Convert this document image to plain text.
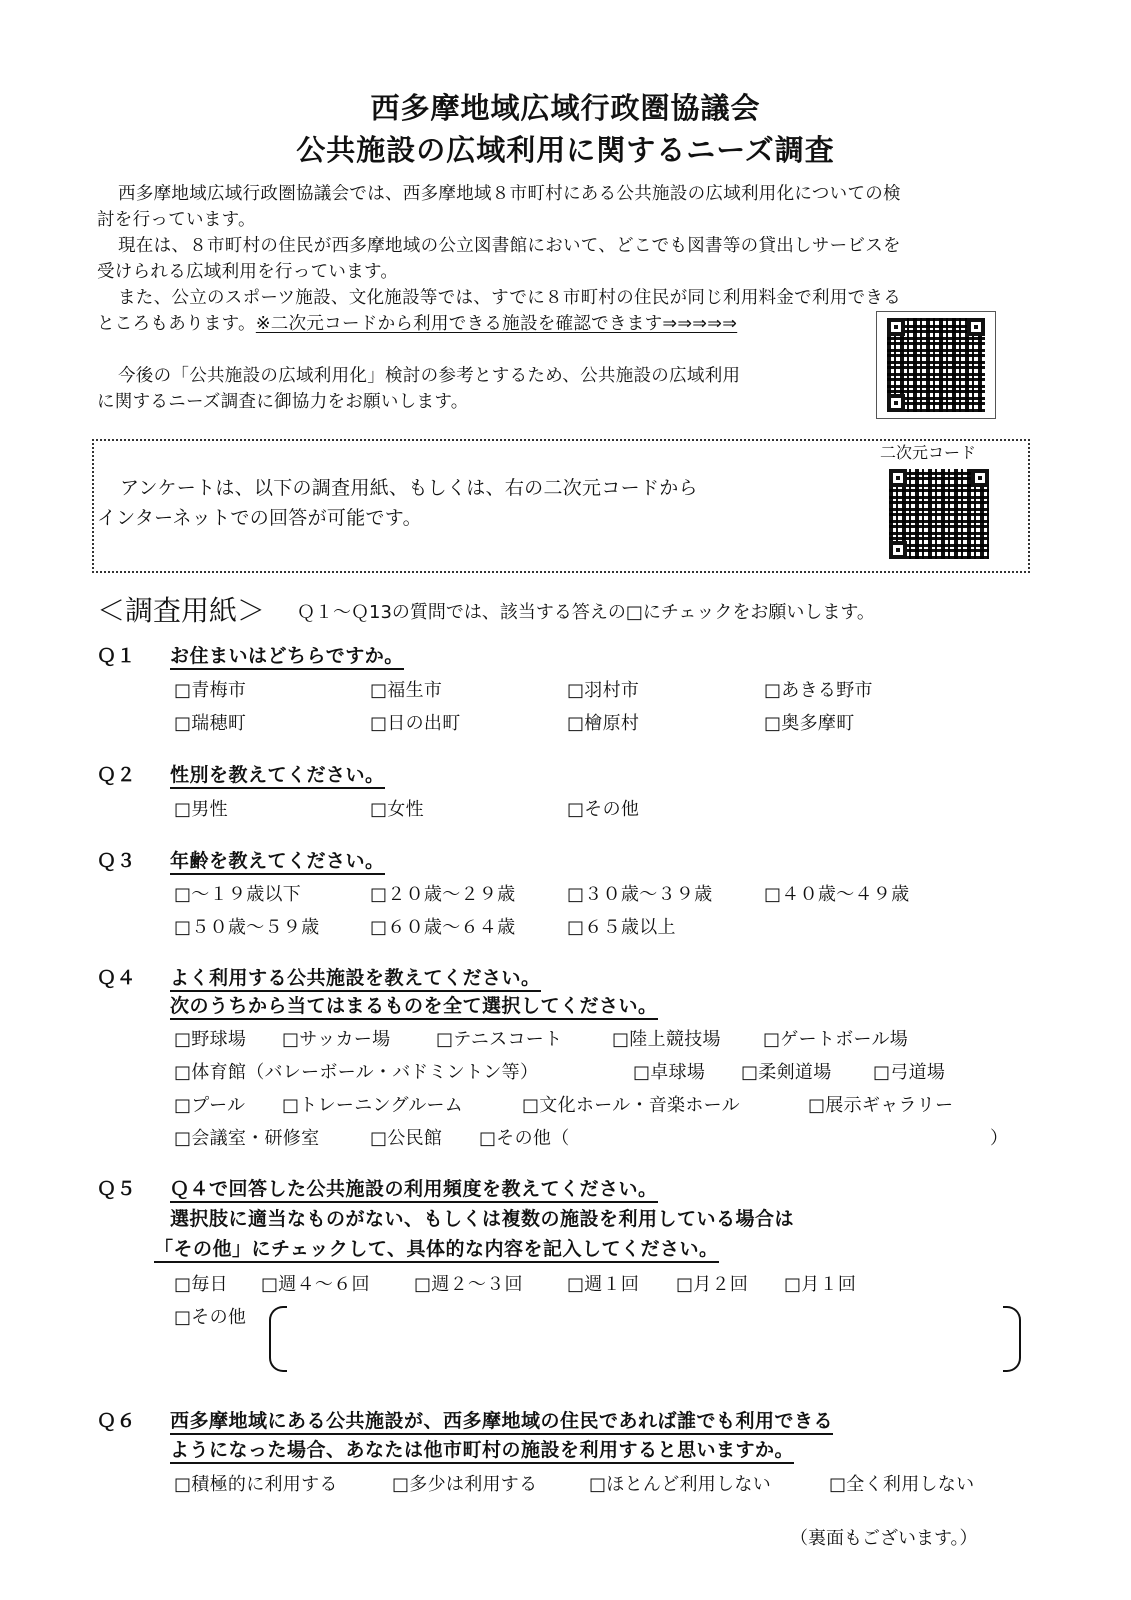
西多摩地域広域行政圏協議会
公共施設の広域利用に関するニーズ調査
西多摩地域広域行政圏協議会では、西多摩地域８市町村にある公共施設の広域利用化についての検
討を行っています。
現在は、８市町村の住民が西多摩地域の公立図書館において、どこでも図書等の貸出しサービスを
受けられる広域利用を行っています。
また、公立のスポーツ施設、文化施設等では、すでに８市町村の住民が同じ利用料金で利用できる
ところもあります。※二次元コードから利用できる施設を確認できます⇒⇒⇒⇒⇒
今後の「公共施設の広域利用化」検討の参考とするため、公共施設の広域利用
に関するニーズ調査に御協力をお願いします。
二次元コード
アンケートは、以下の調査用紙、もしくは、右の二次元コードから
インターネットでの回答が可能です。
＜調査用紙＞ Ｑ１～Ｑ13の質問では、該当する答えの□にチェックをお願いします。
Ｑ１ お住まいはどちらですか。
□青梅市	□福生市	□羽村市	□あきる野市
□瑞穂町	□日の出町	□檜原村	□奥多摩町
Ｑ２ 性別を教えてください。
□男性	□女性	□その他
Ｑ３ 年齢を教えてください。
□～１９歳以下	□２０歳～２９歳	□３０歳～３９歳	□４０歳～４９歳
□５０歳～５９歳	□６０歳～６４歳	□６５歳以上
Ｑ４ よく利用する公共施設を教えてください。
次のうちから当てはまるものを全て選択してください。
□野球場 □サッカー場	□テニスコート	□陸上競技場 □ゲートボール場
□体育館（バレーボール・バドミントン等）	□卓球場 □柔剣道場 □弓道場
□プール □トレーニングルーム	□文化ホール・音楽ホール	□展示ギャラリー
□会議室・研修室	□公民館 □その他（	）
Ｑ５ Ｑ４で回答した公共施設の利用頻度を教えてください。
選択肢に適当なものがない、もしくは複数の施設を利用している場合は
「その他」にチェックして、具体的な内容を記入してください。
□毎日 □週４～６回 □週２～３回 □週１回 □月２回 □月１回
□その他
Ｑ６ 西多摩地域にある公共施設が、西多摩地域の住民であれば誰でも利用できる
ようになった場合、あなたは他市町村の施設を利用すると思いますか。
□積極的に利用する	□多少は利用する	□ほとんど利用しない	□全く利用しない
（裏面もございます。）
